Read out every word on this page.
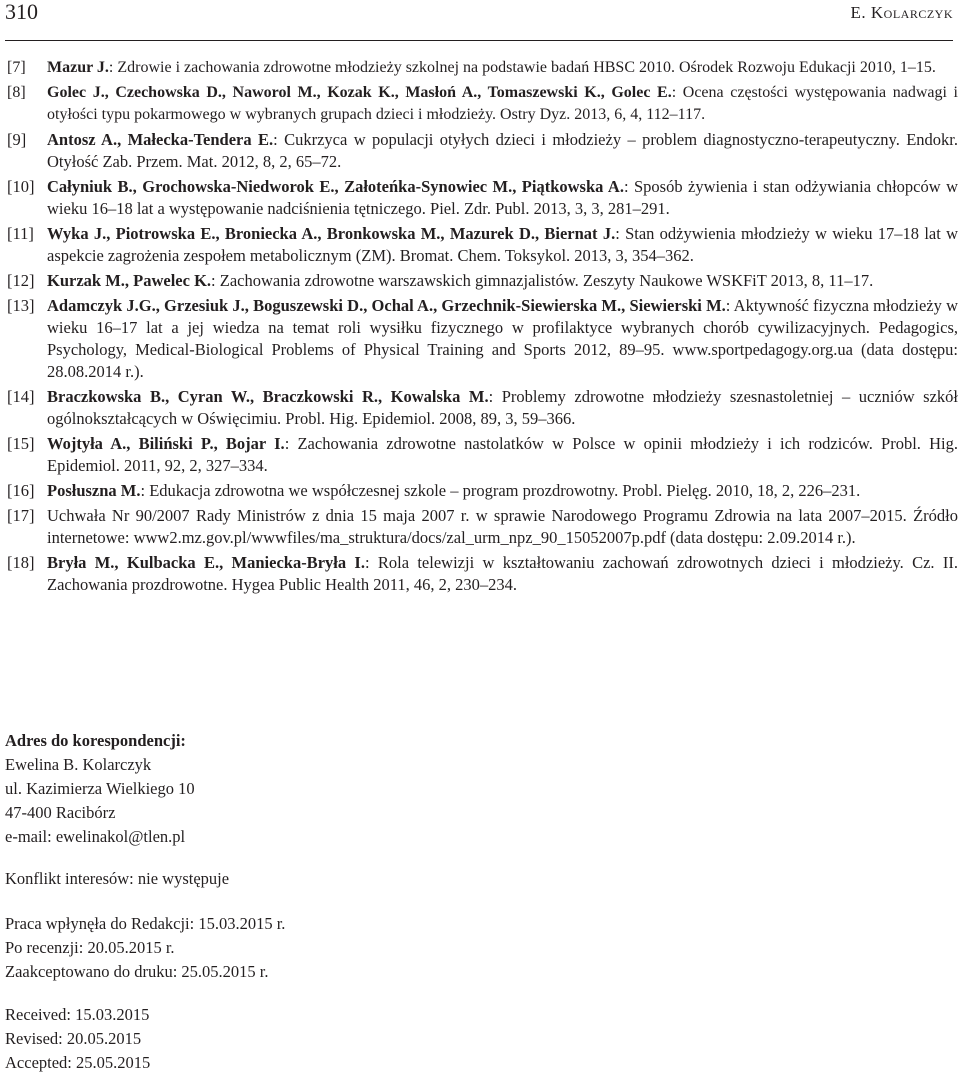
310	E. Kolarczyk
[7] Mazur J.: Zdrowie i zachowania zdrowotne młodzieży szkolnej na podstawie badań HBSC 2010. Ośrodek Rozwoju Edukacji 2010, 1–15.
[8] Golec J., Czechowska D., Naworol M., Kozak K., Masłoń A., Tomaszewski K., Golec E.: Ocena częstości występowania nadwagi i otyłości typu pokarmowego w wybranych grupach dzieci i młodzieży. Ostry Dyz. 2013, 6, 4, 112–117.
[9] Antosz A., Małecka-Tendera E.: Cukrzyca w populacji otyłych dzieci i młodzieży – problem diagnostyczno-terapeutyczny. Endokr. Otyłość Zab. Przem. Mat. 2012, 8, 2, 65–72.
[10] Całyniuk B., Grochowska-Niedworok E., Załoteńka-Synowiec M., Piątkowska A.: Sposób żywienia i stan odżywiania chłopców w wieku 16–18 lat a występowanie nadciśnienia tętniczego. Piel. Zdr. Publ. 2013, 3, 3, 281–291.
[11] Wyka J., Piotrowska E., Broniecka A., Bronkowska M., Mazurek D., Biernat J.: Stan odżywienia młodzieży w wieku 17–18 lat w aspekcie zagrożenia zespołem metabolicznym (ZM). Bromat. Chem. Toksykol. 2013, 3, 354–362.
[12] Kurzak M., Pawelec K.: Zachowania zdrowotne warszawskich gimnazjalistów. Zeszyty Naukowe WSKFiT 2013, 8, 11–17.
[13] Adamczyk J.G., Grzesiuk J., Boguszewski D., Ochal A., Grzechnik-Siewierska M., Siewierski M.: Aktywność fizyczna młodzieży w wieku 16–17 lat a jej wiedza na temat roli wysiłku fizycznego w profilaktyce wybranych chorób cywilizacyjnych. Pedagogics, Psychology, Medical-Biological Problems of Physical Training and Sports 2012, 89–95. www.sportpedagogy.org.ua (data dostępu: 28.08.2014 r.).
[14] Braczkowska B., Cyran W., Braczkowski R., Kowalska M.: Problemy zdrowotne młodzieży szesnastoletniej – uczniów szkół ogólnokształcących w Oświęcimiu. Probl. Hig. Epidemiol. 2008, 89, 3, 59–366.
[15] Wojtyła A., Biliński P., Bojar I.: Zachowania zdrowotne nastolatków w Polsce w opinii młodzieży i ich rodziców. Probl. Hig. Epidemiol. 2011, 92, 2, 327–334.
[16] Posłuszna M.: Edukacja zdrowotna we współczesnej szkole – program prozdrowotny. Probl. Pielęg. 2010, 18, 2, 226–231.
[17] Uchwała Nr 90/2007 Rady Ministrów z dnia 15 maja 2007 r. w sprawie Narodowego Programu Zdrowia na lata 2007–2015. Źródło internetowe: www2.mz.gov.pl/wwwfiles/ma_struktura/docs/zal_urm_npz_90_15052007p.pdf (data dostępu: 2.09.2014 r.).
[18] Bryła M., Kulbacka E., Maniecka-Bryła I.: Rola telewizji w kształtowaniu zachowań zdrowotnych dzieci i młodzieży. Cz. II. Zachowania prozdrowotne. Hygea Public Health 2011, 46, 2, 230–234.
Adres do korespondencji:
Ewelina B. Kolarczyk
ul. Kazimierza Wielkiego 10
47-400 Racibórz
e-mail: ewelinakol@tlen.pl
Konflikt interesów: nie występuje
Praca wpłynęła do Redakcji: 15.03.2015 r.
Po recenzji: 20.05.2015 r.
Zaakceptowano do druku: 25.05.2015 r.
Received: 15.03.2015
Revised: 20.05.2015
Accepted: 25.05.2015
